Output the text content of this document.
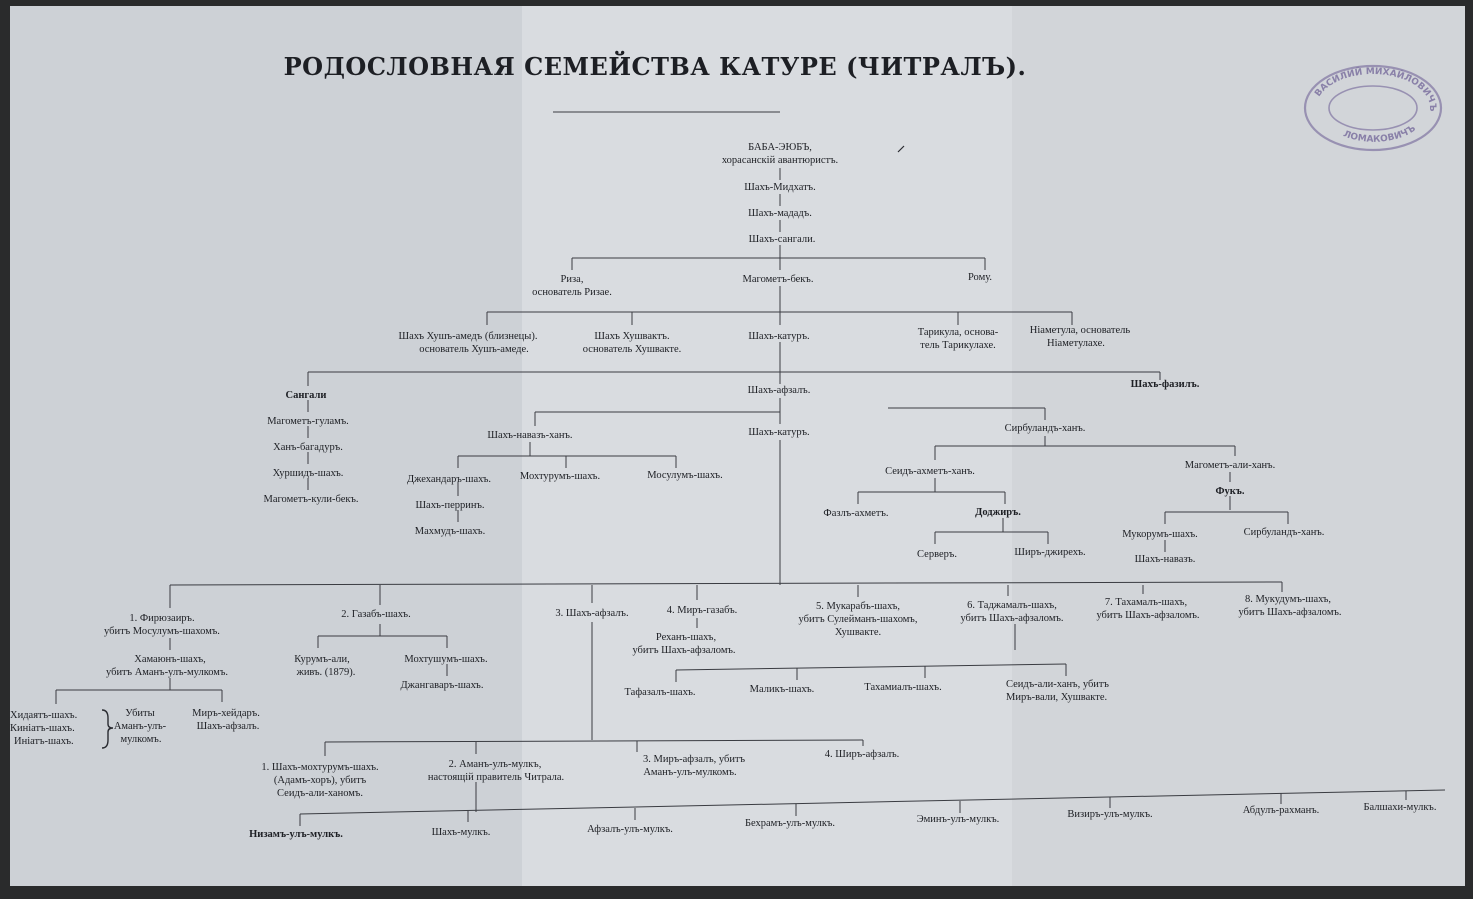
ВАСИЛИЙ МИХАЙЛОВИЧЪ
ЛОМАКОВИЧЪ
РОДОСЛОВНАЯ СЕМЕЙСТВА КАТУРЕ (ЧИТРАЛЪ).
БАБА-ЭЮБЪ,
хорасанскій авантюристъ.
Шахъ-Мидхатъ.
Шахъ-мададъ.
Шахъ-сангали.
Риза,
основатель Ризае.
Магометъ-бекъ.	Рому.
Шахъ Хушъ-амедъ (близнецы).
основатель Хушъ-амеде.
Шахъ Хушвактъ.
основатель Хушвакте.
Шахъ-катуръ.	Тарикула, основа-
тель Тарикулахе.
Ніаметула, основатель
Ніаметулахе.
Сангали
Магометъ-гуламъ.
Ханъ-багадуръ.
Хуршидъ-шахъ.
Магометъ-кули-бекъ.
Шахъ-афзалъ.
Шахъ-фазилъ.
Шахъ-навазъ-ханъ.	Шахъ-катуръ.	Сирбуландъ-ханъ.
Джехандаръ-шахъ.	Мохтурумъ-шахъ.	Мосулумъ-шахъ.
Шахъ-перринъ.
Махмудъ-шахъ.
Сеидъ-ахметъ-ханъ.
Магометъ-али-ханъ.
Фукъ.
Фазлъ-ахметъ.	Доджиръ.
Мукорумъ-шахъ.	Сирбуландъ-ханъ.
Шахъ-навазъ.
Серверъ.	Ширъ-джирехъ.
1. Фирюзаиръ.
убитъ Мосулумъ-шахомъ.
2. Газабъ-шахъ.	3. Шахъ-афзалъ.	4. Миръ-газабъ.	5. Мукарабъ-шахъ,
убитъ Сулейманъ-шахомъ,
Хушвакте.
6. Таджамалъ-шахъ,
убитъ Шахъ-афзаломъ.
7. Тахамалъ-шахъ,
убитъ Шахъ-афзаломъ.
8. Мукудумъ-шахъ,
убитъ Шахъ-афзаломъ.
Хамаюнъ-шахъ,
убитъ Аманъ-улъ-мулкомъ.
Курумъ-али,
живъ. (1879).
Мохтушумъ-шахъ.
Джангаваръ-шахъ.
Реханъ-шахъ,
убитъ Шахъ-афзаломъ.
Тафазалъ-шахъ.	Маликъ-шахъ.	Тахамиалъ-шахъ.	Сеидъ-али-ханъ, убитъ
Миръ-вали, Хушвакте.
Хидаятъ-шахъ.
Киніатъ-шахъ.
Иніатъ-шахъ.
Убиты
Аманъ-улъ-
мулкомъ.
Миръ-хейдаръ.
Шахъ-афзалъ.
1. Шахъ-мохтурумъ-шахъ.
(Адамъ-хоръ), убитъ
Сеидъ-али-ханомъ.
2. Аманъ-улъ-мулкъ,
настоящій правитель Читрала.
3. Миръ-афзалъ, убитъ
Аманъ-улъ-мулкомъ.
4. Ширъ-афзалъ.
Низамъ-улъ-мулкъ.	Шахъ-мулкъ.	Афзалъ-улъ-мулкъ.
Бехрамъ-улъ-мулкъ.	Эминъ-улъ-мулкъ.	Визиръ-улъ-мулкъ.	Абдулъ-рахманъ.	Балшахи-мулкъ.
